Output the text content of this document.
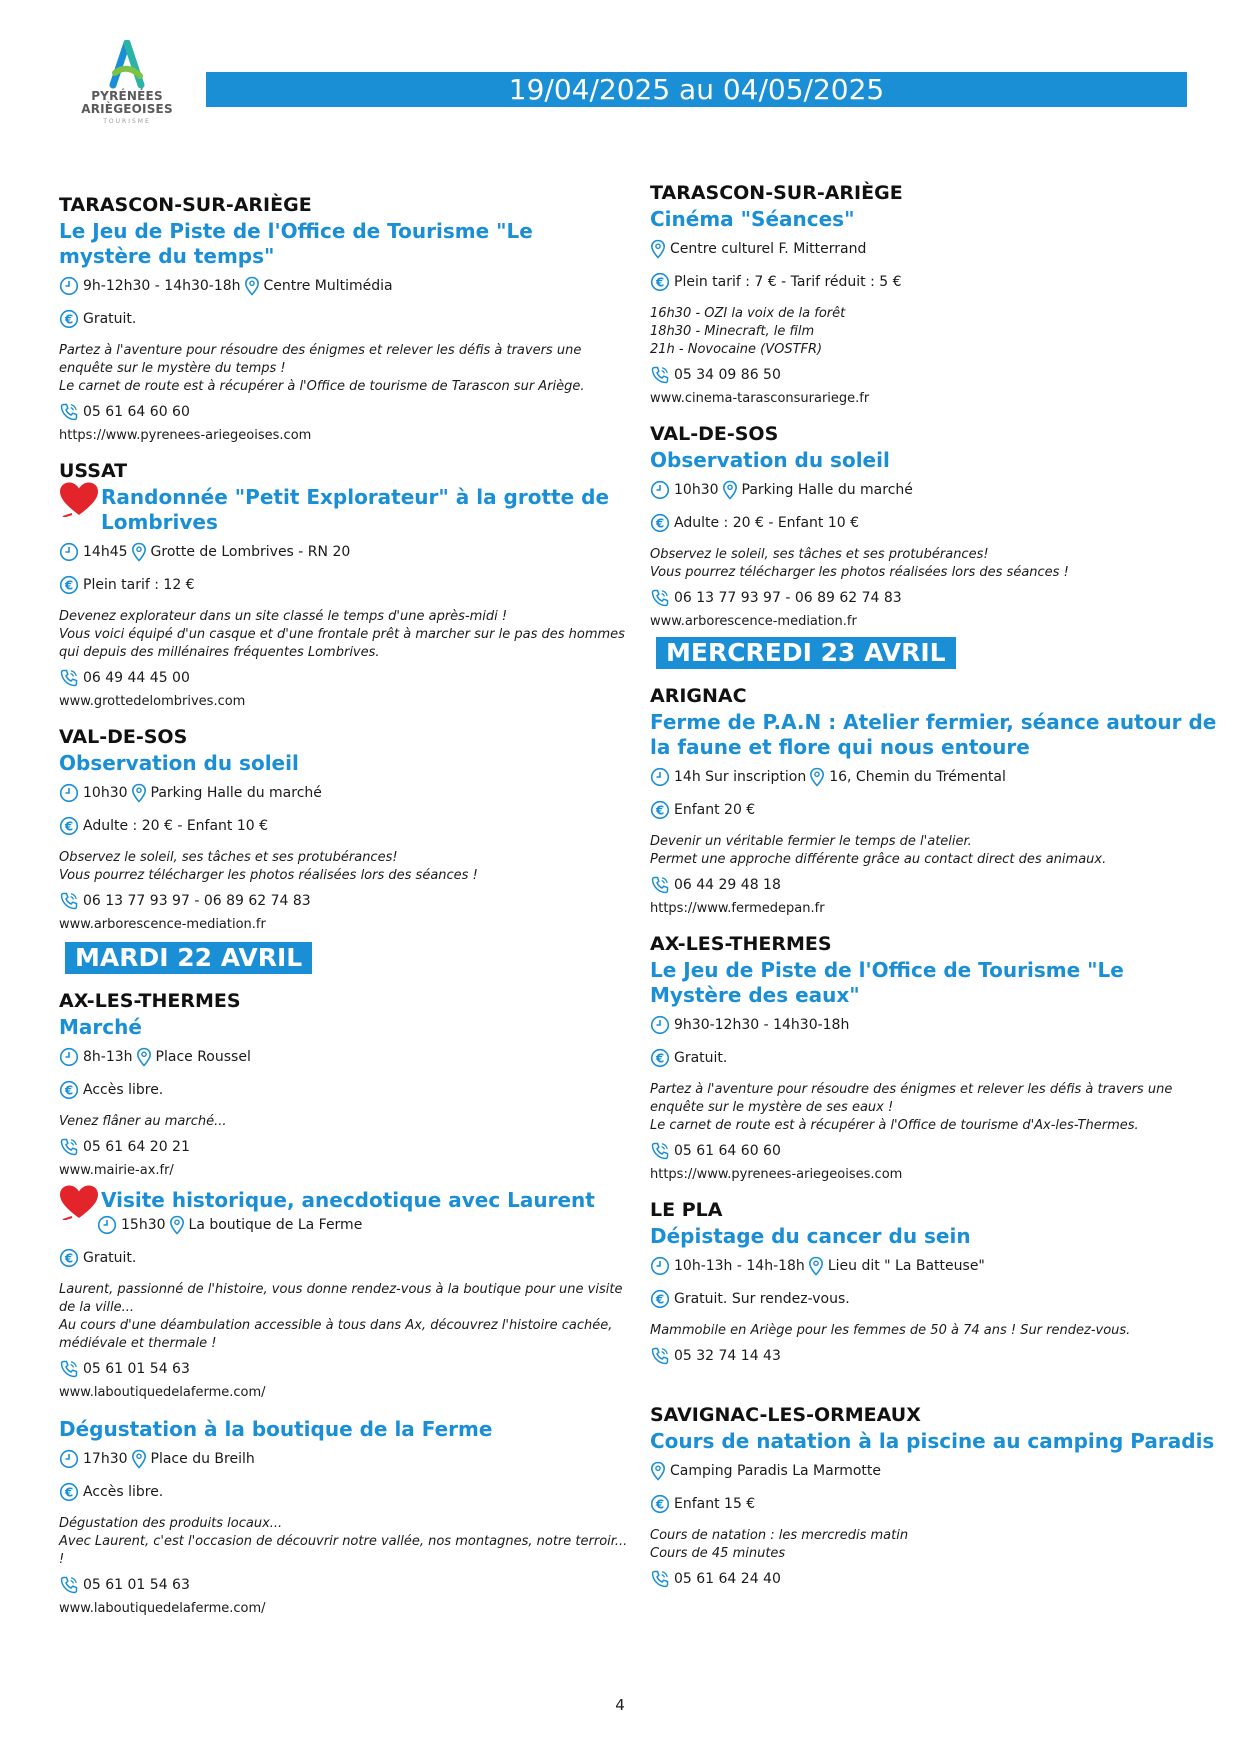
PYRÉNÉES
ARIÈGEOISES
TOURISME
19/04/2025 au 04/05/2025
TARASCON-SUR-ARIÈGE
Le Jeu de Piste de l'Office de Tourisme "Le mystère du temps"
9h-12h30 - 14h30-18h Centre Multimédia
Gratuit.
Partez à l'aventure pour résoudre des énigmes et relever les défis à travers une enquête sur le mystère du temps !
Le carnet de route est à récupérer à l'Office de tourisme de Tarascon sur Ariège.
05 61 64 60 60
https://www.pyrenees-ariegeoises.com
USSAT
Randonnée "Petit Explorateur" à la grotte de Lombrives
14h45 Grotte de Lombrives - RN 20
Plein tarif : 12 €
Devenez explorateur dans un site classé le temps d'une après-midi !
Vous voici équipé d'un casque et d'une frontale prêt à marcher sur le pas des hommes qui depuis des millénaires fréquentes Lombrives.
06 49 44 45 00
www.grottedelombrives.com
VAL-DE-SOS
Observation du soleil
10h30 Parking Halle du marché
Adulte : 20 € - Enfant 10 €
Observez le soleil, ses tâches et ses protubérances!
Vous pourrez télécharger les photos réalisées lors des séances !
06 13 77 93 97 - 06 89 62 74 83
www.arborescence-mediation.fr
MARDI 22 AVRIL
AX-LES-THERMES
Marché
8h-13h Place Roussel
Accès libre.
Venez flâner au marché...
05 61 64 20 21
www.mairie-ax.fr/
Visite historique, anecdotique avec Laurent
15h30 La boutique de La Ferme
Gratuit.
Laurent, passionné de l'histoire, vous donne rendez-vous à la boutique pour une visite de la ville...
Au cours d'une déambulation accessible à tous dans Ax, découvrez l'histoire cachée, médiévale et thermale !
05 61 01 54 63
www.laboutiquedelaferme.com/
Dégustation à la boutique de la Ferme
17h30 Place du Breilh
Accès libre.
Dégustation des produits locaux...
Avec Laurent, c'est l'occasion de découvrir notre vallée, nos montagnes, notre terroir... !
05 61 01 54 63
www.laboutiquedelaferme.com/
TARASCON-SUR-ARIÈGE
Cinéma "Séances"
Centre culturel F. Mitterrand
Plein tarif : 7 € - Tarif réduit : 5 €
16h30 - OZI la voix de la forêt
18h30 - Minecraft, le film
21h - Novocaine (VOSTFR)
05 34 09 86 50
www.cinema-tarasconsurariege.fr
VAL-DE-SOS
Observation du soleil
10h30 Parking Halle du marché
Adulte : 20 € - Enfant 10 €
Observez le soleil, ses tâches et ses protubérances!
Vous pourrez télécharger les photos réalisées lors des séances !
06 13 77 93 97 - 06 89 62 74 83
www.arborescence-mediation.fr
MERCREDI 23 AVRIL
ARIGNAC
Ferme de P.A.N : Atelier fermier, séance autour de la faune et flore qui nous entoure
14h Sur inscription 16, Chemin du Trémental
Enfant 20 €
Devenir un véritable fermier le temps de l'atelier.
Permet une approche différente grâce au contact direct des animaux.
06 44 29 48 18
https://www.fermedepan.fr
AX-LES-THERMES
Le Jeu de Piste de l'Office de Tourisme "Le Mystère des eaux"
9h30-12h30 - 14h30-18h
Gratuit.
Partez à l'aventure pour résoudre des énigmes et relever les défis à travers une enquête sur le mystère de ses eaux !
Le carnet de route est à récupérer à l'Office de tourisme d'Ax-les-Thermes.
05 61 64 60 60
https://www.pyrenees-ariegeoises.com
LE PLA
Dépistage du cancer du sein
10h-13h - 14h-18h Lieu dit " La Batteuse"
Gratuit. Sur rendez-vous.
Mammobile en Ariège pour les femmes de 50 à 74 ans ! Sur rendez-vous.
05 32 74 14 43
SAVIGNAC-LES-ORMEAUX
Cours de natation à la piscine au camping Paradis
Camping Paradis La Marmotte
Enfant 15 €
Cours de natation : les mercredis matin
Cours de 45 minutes
05 61 64 24 40
4
